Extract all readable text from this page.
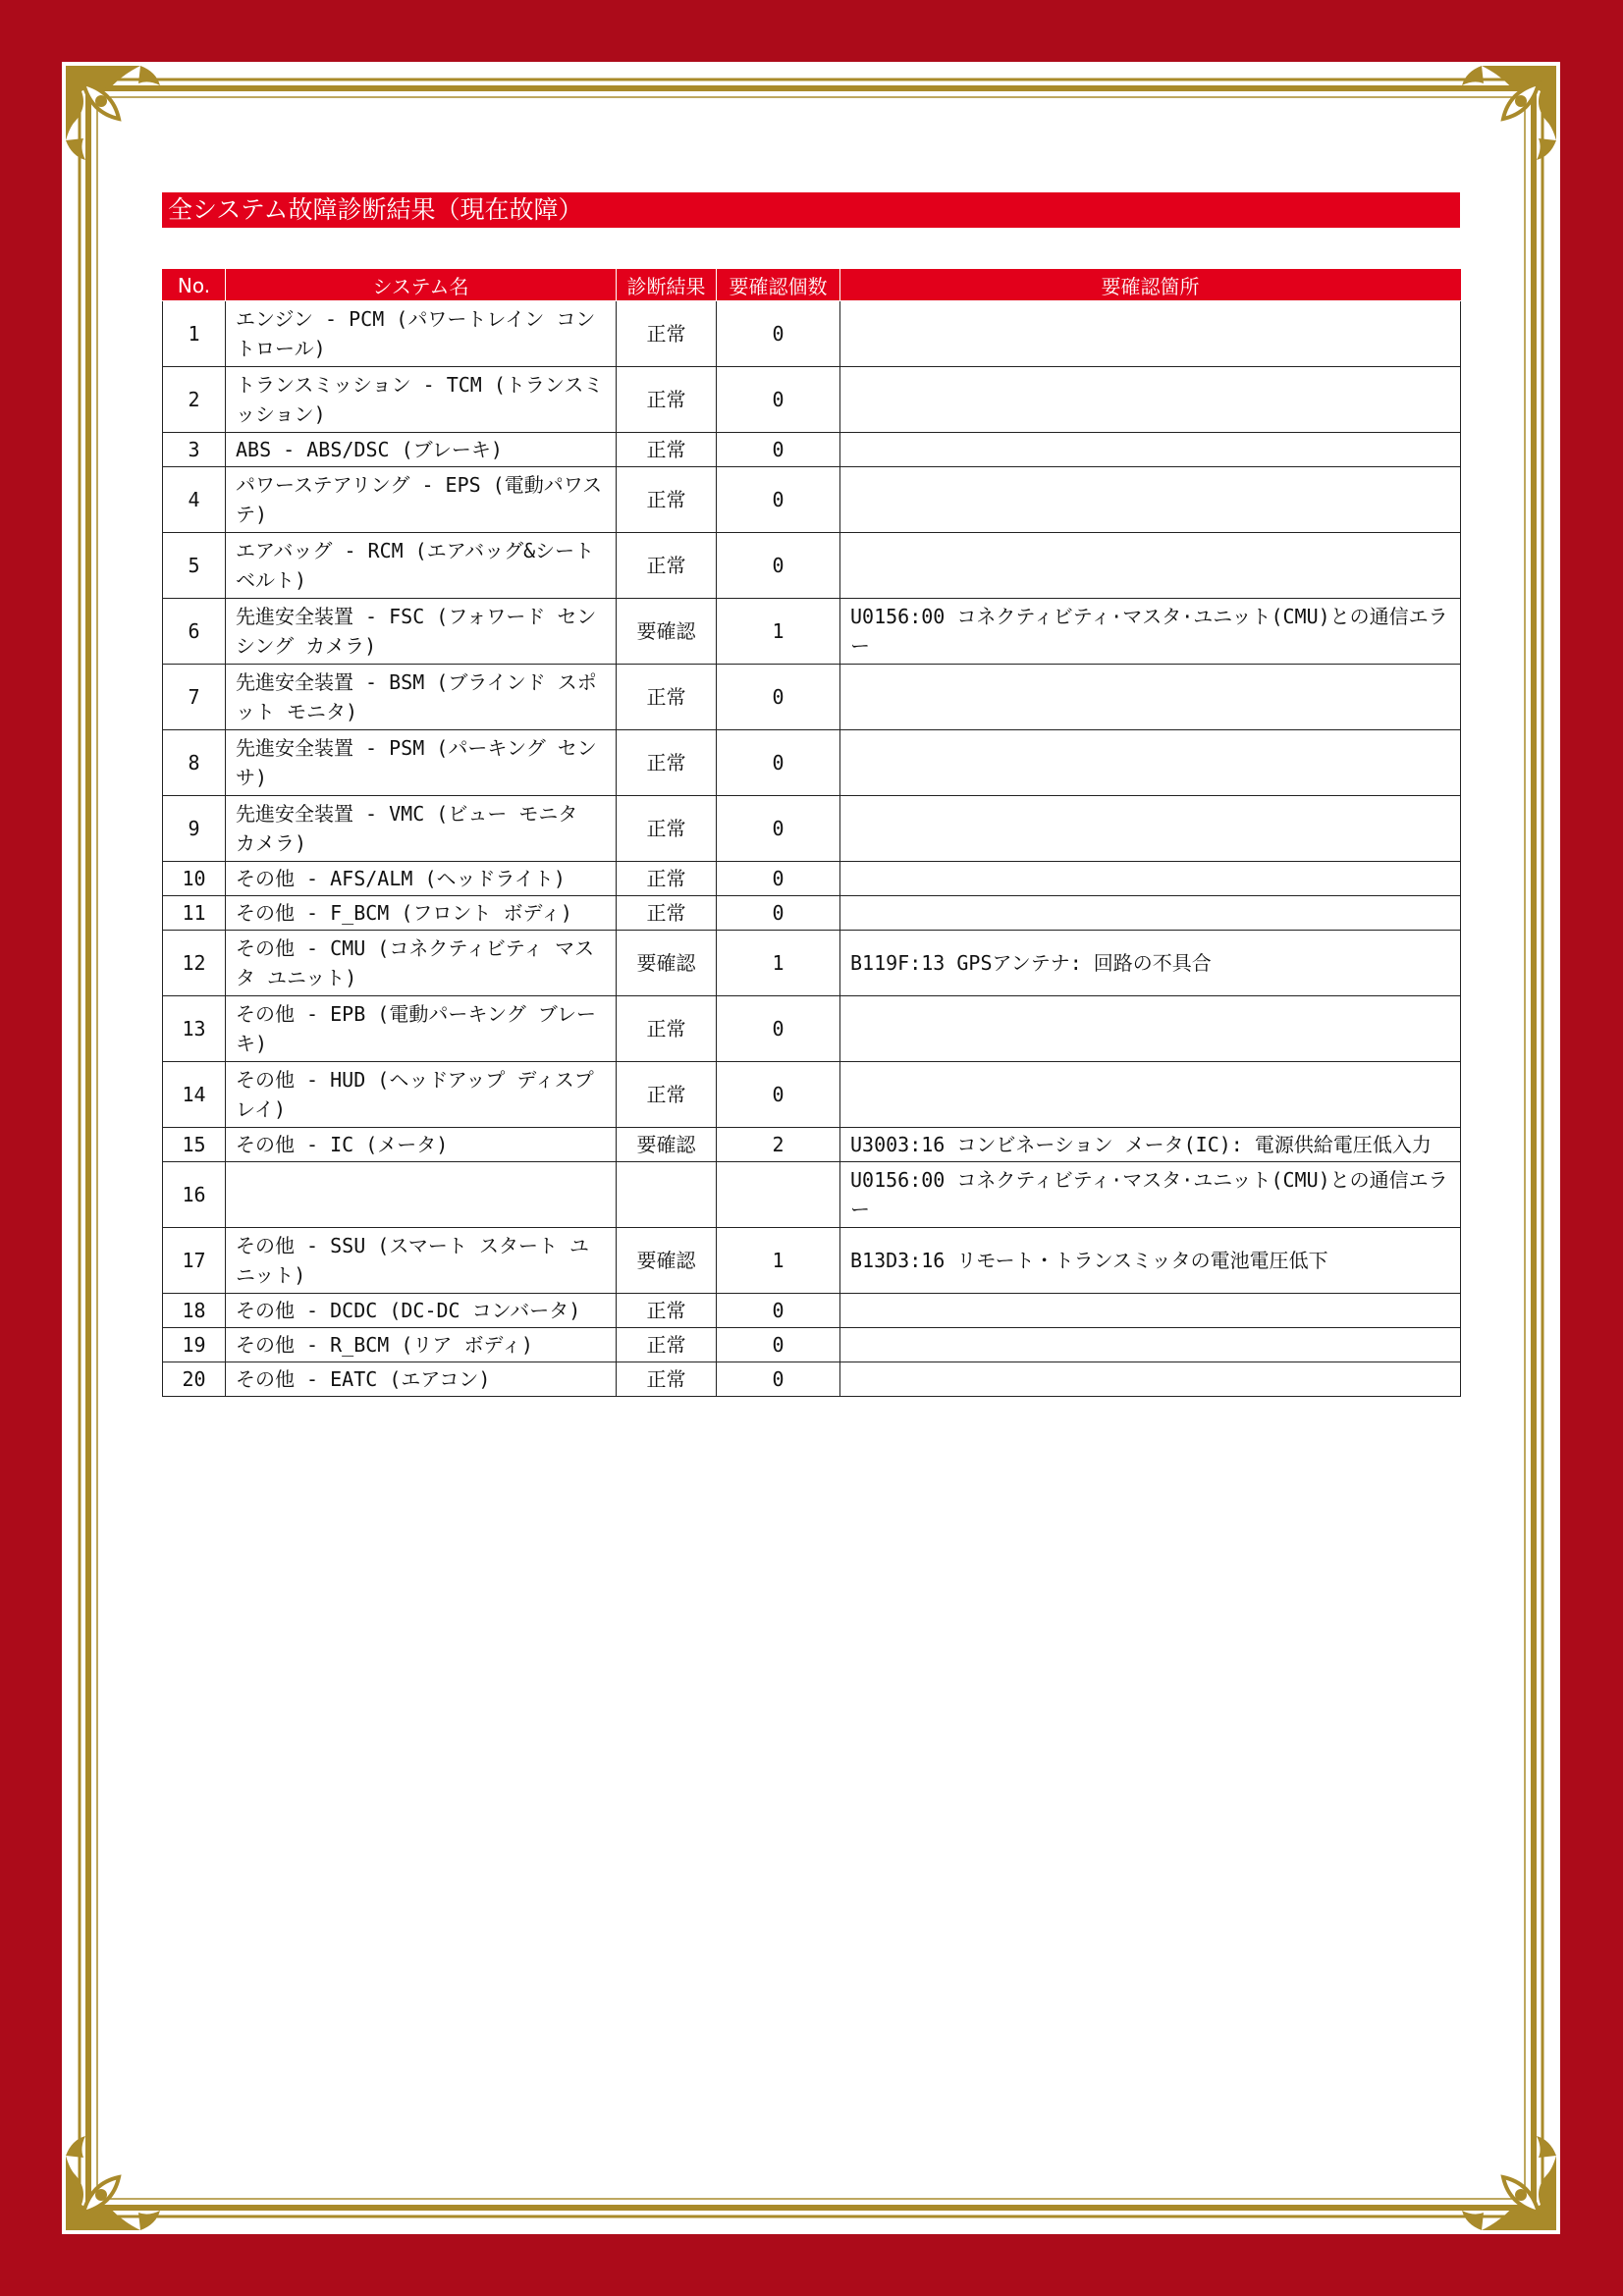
全システム故障診断結果（現在故障）
No.	システム名	診断結果	要確認個数	要確認箇所
1	エンジン - PCM (パワートレイン コントロール)	正常	0	
2	トランスミッション - TCM (トランスミッション)	正常	0	
3	ABS - ABS/DSC (ブレーキ)	正常	0	
4	パワーステアリング - EPS (電動パワステ)	正常	0	
5	エアバッグ - RCM (エアバッグ&シートベルト)	正常	0	
6	先進安全装置 - FSC (フォワード センシング カメラ)	要確認	1	U0156:00 コネクティビティ·マスタ·ユニット(CMU)との通信エラー
7	先進安全装置 - BSM (ブラインド スポット モニタ)	正常	0	
8	先進安全装置 - PSM (パーキング センサ)	正常	0	
9	先進安全装置 - VMC (ビュー モニタ カメラ)	正常	0	
10	その他 - AFS/ALM (ヘッドライト)	正常	0	
11	その他 - F_BCM (フロント ボディ)	正常	0	
12	その他 - CMU (コネクティビティ マスタ ユニット)	要確認	1	B119F:13 GPSアンテナ: 回路の不具合
13	その他 - EPB (電動パーキング ブレーキ)	正常	0	
14	その他 - HUD (ヘッドアップ ディスプレイ)	正常	0	
15	その他 - IC (メータ)	要確認	2	U3003:16 コンビネーション メータ(IC): 電源供給電圧低入力
16				U0156:00 コネクティビティ·マスタ·ユニット(CMU)との通信エラー
17	その他 - SSU (スマート スタート ユニット)	要確認	1	B13D3:16 リモート・トランスミッタの電池電圧低下
18	その他 - DCDC (DC-DC コンバータ)	正常	0	
19	その他 - R_BCM (リア ボディ)	正常	0	
20	その他 - EATC (エアコン)	正常	0	
